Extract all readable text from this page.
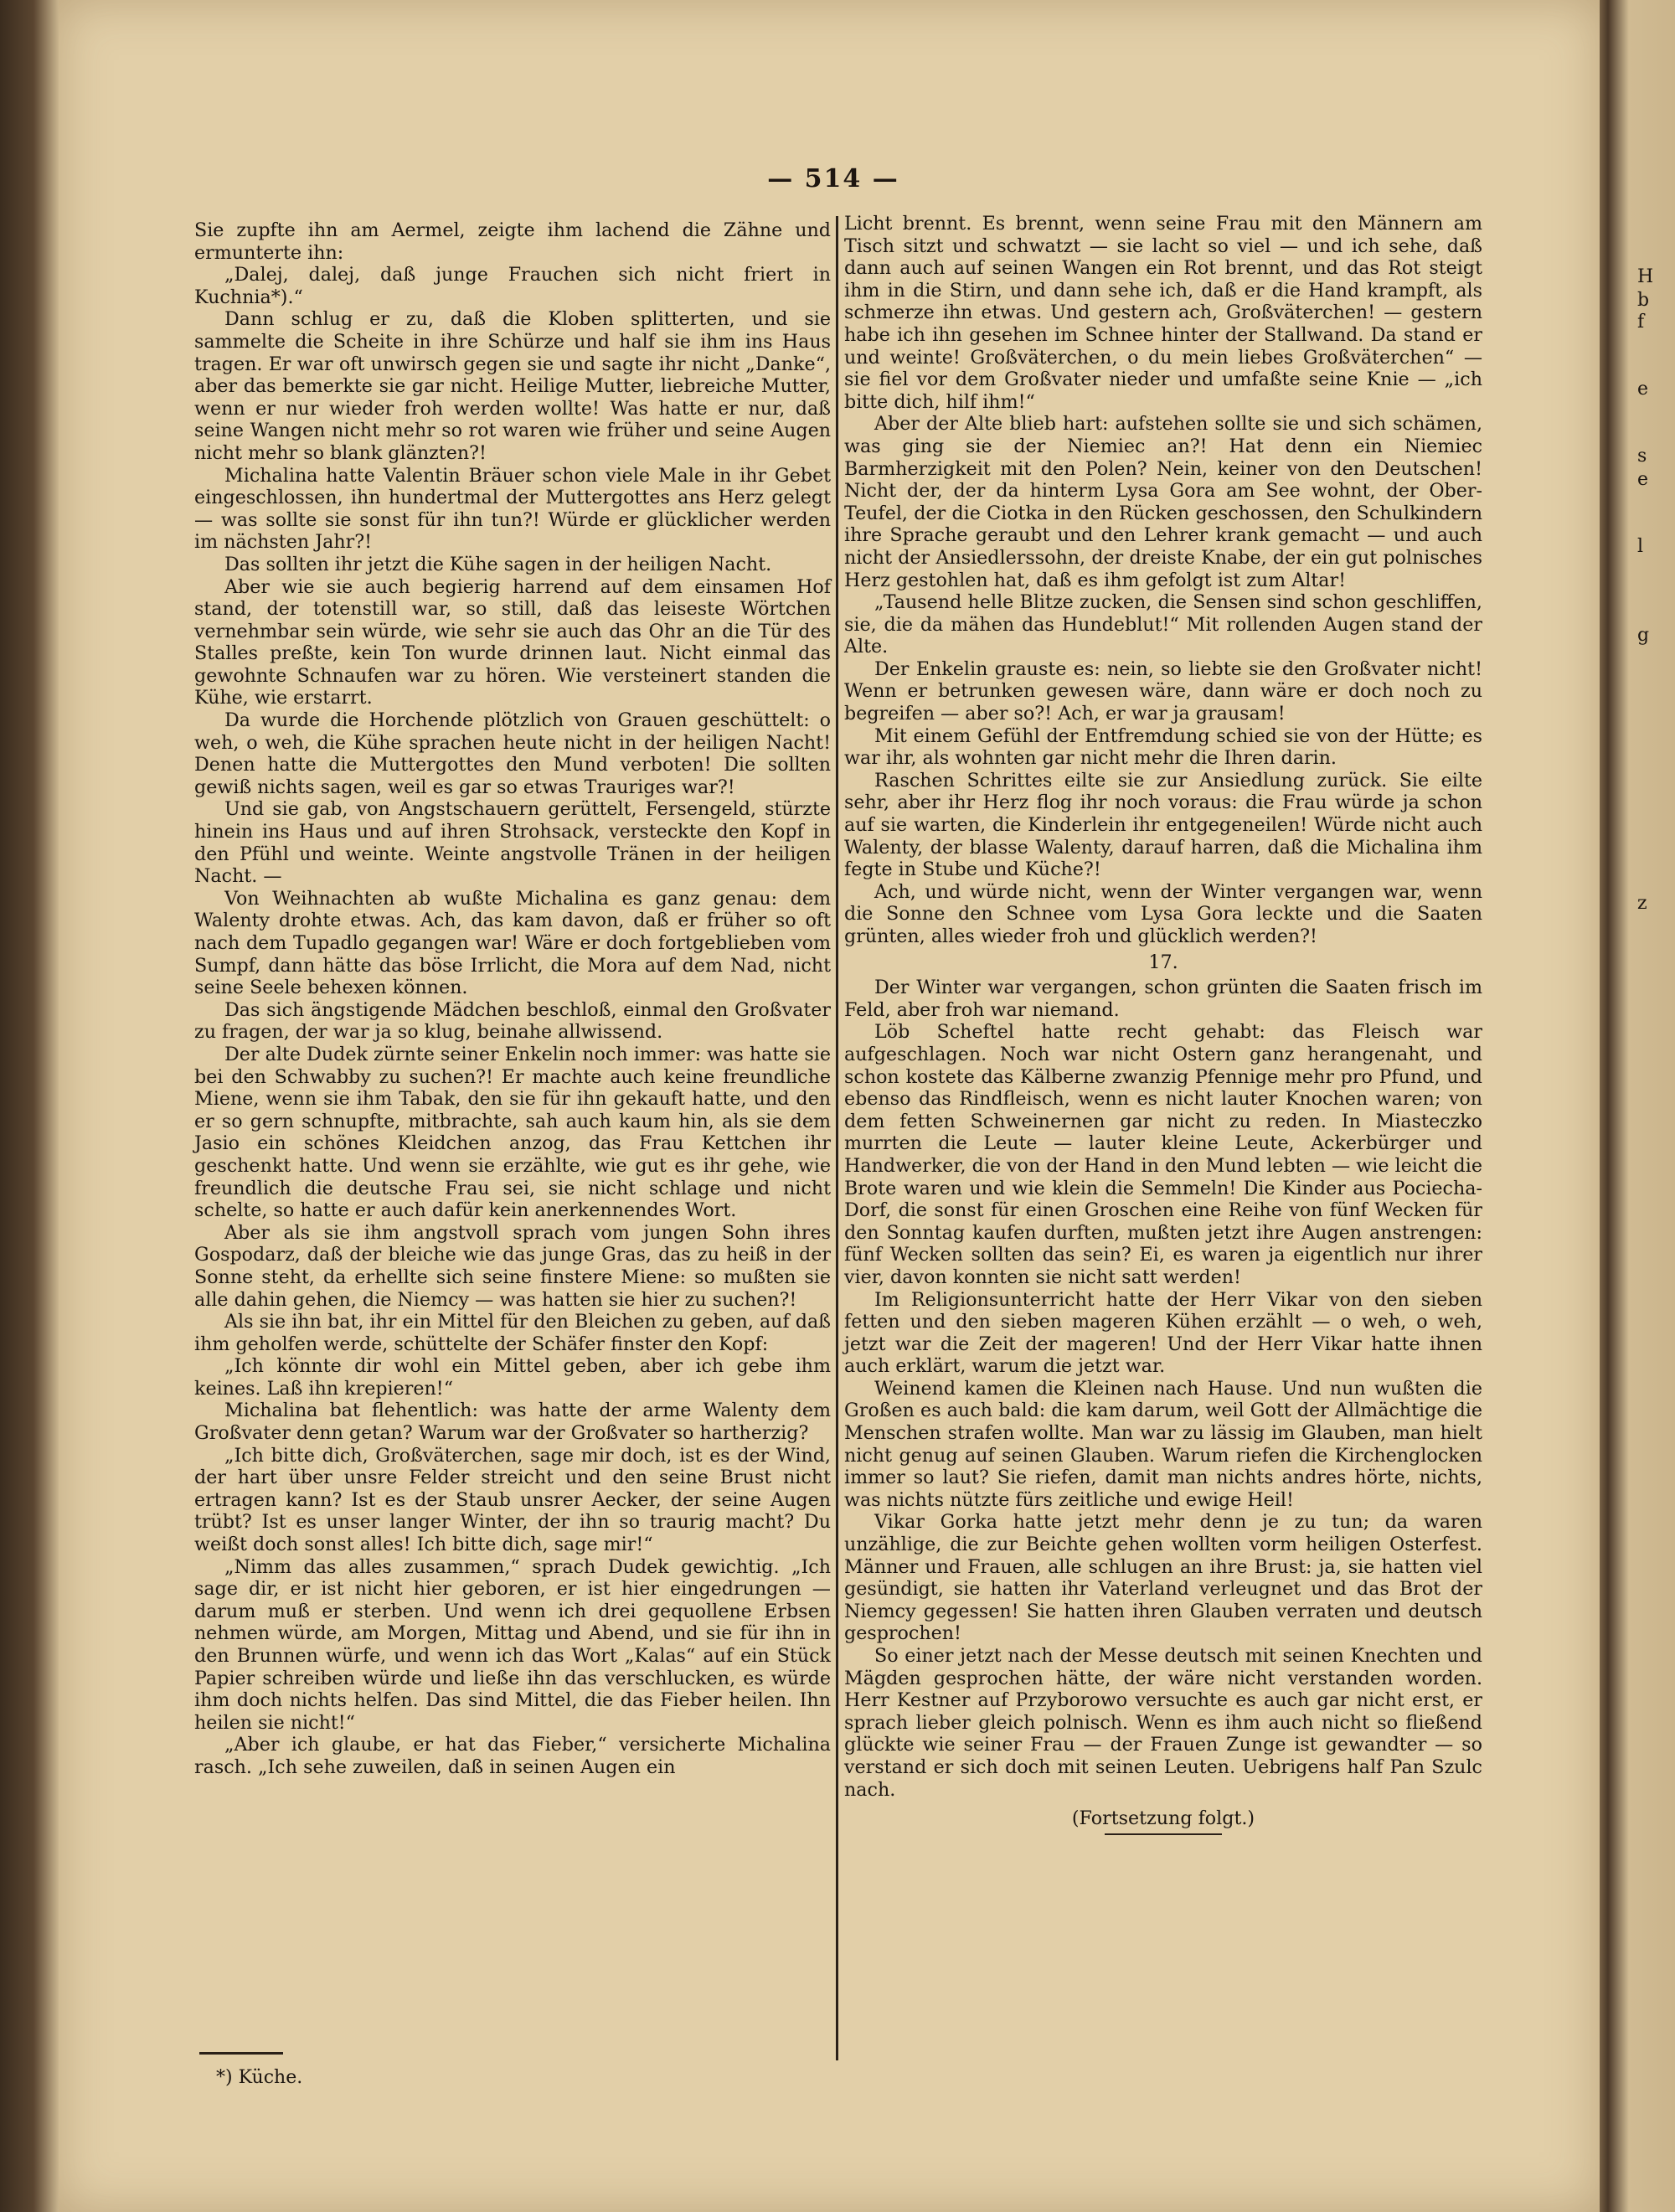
— 514 —

Sie zupfte ihn am Aermel, zeigte ihm lachend die Zähne und ermunterte ihn:

„Dalej, dalej, daß junge Frauchen sich nicht friert in Kuchnia*).“

Dann schlug er zu, daß die Kloben splitterten, und sie sammelte die Scheite in ihre Schürze und half sie ihm ins Haus tragen. Er war oft unwirsch gegen sie und sagte ihr nicht „Danke“, aber das bemerkte sie gar nicht. Heilige Mutter, liebreiche Mutter, wenn er nur wieder froh werden wollte! Was hatte er nur, daß seine Wangen nicht mehr so rot waren wie früher und seine Augen nicht mehr so blank glänzten?!

Michalina hatte Valentin Bräuer schon viele Male in ihr Gebet eingeschlossen, ihn hundertmal der Muttergottes ans Herz gelegt — was sollte sie sonst für ihn tun?! Würde er glücklicher werden im nächsten Jahr?!

Das sollten ihr jetzt die Kühe sagen in der heiligen Nacht.

Aber wie sie auch begierig harrend auf dem einsamen Hof stand, der totenstill war, so still, daß das leiseste Wörtchen vernehmbar sein würde, wie sehr sie auch das Ohr an die Tür des Stalles preßte, kein Ton wurde drinnen laut. Nicht einmal das gewohnte Schnaufen war zu hören. Wie versteinert standen die Kühe, wie erstarrt.

Da wurde die Horchende plötzlich von Grauen geschüttelt: o weh, o weh, die Kühe sprachen heute nicht in der heiligen Nacht! Denen hatte die Muttergottes den Mund verboten! Die sollten gewiß nichts sagen, weil es gar so etwas Trauriges war?!

Und sie gab, von Angstschauern gerüttelt, Fersengeld, stürzte hinein ins Haus und auf ihren Strohsack, versteckte den Kopf in den Pfühl und weinte. Weinte angstvolle Tränen in der heiligen Nacht. —

Von Weihnachten ab wußte Michalina es ganz genau: dem Walenty drohte etwas. Ach, das kam davon, daß er früher so oft nach dem Tupadlo gegangen war! Wäre er doch fortgeblieben vom Sumpf, dann hätte das böse Irrlicht, die Mora auf dem Nad, nicht seine Seele behexen können.

Das sich ängstigende Mädchen beschloß, einmal den Großvater zu fragen, der war ja so klug, beinahe allwissend.

Der alte Dudek zürnte seiner Enkelin noch immer: was hatte sie bei den Schwabby zu suchen?! Er machte auch keine freundliche Miene, wenn sie ihm Tabak, den sie für ihn gekauft hatte, und den er so gern schnupfte, mitbrachte, sah auch kaum hin, als sie dem Jasio ein schönes Kleidchen anzog, das Frau Kettchen ihr geschenkt hatte. Und wenn sie erzählte, wie gut es ihr gehe, wie freundlich die deutsche Frau sei, sie nicht schlage und nicht schelte, so hatte er auch dafür kein anerkennendes Wort.

Aber als sie ihm angstvoll sprach vom jungen Sohn ihres Gospodarz, daß der bleiche wie das junge Gras, das zu heiß in der Sonne steht, da erhellte sich seine finstere Miene: so mußten sie alle dahin gehen, die Niemcy — was hatten sie hier zu suchen?!

Als sie ihn bat, ihr ein Mittel für den Bleichen zu geben, auf daß ihm geholfen werde, schüttelte der Schäfer finster den Kopf:

„Ich könnte dir wohl ein Mittel geben, aber ich gebe ihm keines. Laß ihn krepieren!“

Michalina bat flehentlich: was hatte der arme Walenty dem Großvater denn getan? Warum war der Großvater so hartherzig?

„Ich bitte dich, Großväterchen, sage mir doch, ist es der Wind, der hart über unsre Felder streicht und den seine Brust nicht ertragen kann? Ist es der Staub unsrer Aecker, der seine Augen trübt? Ist es unser langer Winter, der ihn so traurig macht? Du weißt doch sonst alles! Ich bitte dich, sage mir!“

„Nimm das alles zusammen,“ sprach Dudek gewichtig. „Ich sage dir, er ist nicht hier geboren, er ist hier eingedrungen — darum muß er sterben. Und wenn ich drei gequollene Erbsen nehmen würde, am Morgen, Mittag und Abend, und sie für ihn in den Brunnen würfe, und wenn ich das Wort „Kalas“ auf ein Stück Papier schreiben würde und ließe ihn das verschlucken, es würde ihm doch nichts helfen. Das sind Mittel, die das Fieber heilen. Ihn heilen sie nicht!“

„Aber ich glaube, er hat das Fieber,“ versicherte Michalina rasch. „Ich sehe zuweilen, daß in seinen Augen ein

Licht brennt. Es brennt, wenn seine Frau mit den Männern am Tisch sitzt und schwatzt — sie lacht so viel — und ich sehe, daß dann auch auf seinen Wangen ein Rot brennt, und das Rot steigt ihm in die Stirn, und dann sehe ich, daß er die Hand krampft, als schmerze ihn etwas. Und gestern ach, Großväterchen! — gestern habe ich ihn gesehen im Schnee hinter der Stallwand. Da stand er und weinte! Großväterchen, o du mein liebes Großväterchen“ — sie fiel vor dem Großvater nieder und umfaßte seine Knie — „ich bitte dich, hilf ihm!“

Aber der Alte blieb hart: aufstehen sollte sie und sich schämen, was ging sie der Niemiec an?! Hat denn ein Niemiec Barmherzigkeit mit den Polen? Nein, keiner von den Deutschen! Nicht der, der da hinterm Lysa Gora am See wohnt, der Ober-Teufel, der die Ciotka in den Rücken geschossen, den Schulkindern ihre Sprache geraubt und den Lehrer krank gemacht — und auch nicht der Ansiedlerssohn, der dreiste Knabe, der ein gut polnisches Herz gestohlen hat, daß es ihm gefolgt ist zum Altar!

„Tausend helle Blitze zucken, die Sensen sind schon geschliffen, sie, die da mähen das Hundeblut!“ Mit rollenden Augen stand der Alte.

Der Enkelin grauste es: nein, so liebte sie den Großvater nicht! Wenn er betrunken gewesen wäre, dann wäre er doch noch zu begreifen — aber so?! Ach, er war ja grausam!

Mit einem Gefühl der Entfremdung schied sie von der Hütte; es war ihr, als wohnten gar nicht mehr die Ihren darin.

Raschen Schrittes eilte sie zur Ansiedlung zurück. Sie eilte sehr, aber ihr Herz flog ihr noch voraus: die Frau würde ja schon auf sie warten, die Kinderlein ihr entgegeneilen! Würde nicht auch Walenty, der blasse Walenty, darauf harren, daß die Michalina ihm fegte in Stube und Küche?!

Ach, und würde nicht, wenn der Winter vergangen war, wenn die Sonne den Schnee vom Lysa Gora leckte und die Saaten grünten, alles wieder froh und glücklich werden?!

17.

Der Winter war vergangen, schon grünten die Saaten frisch im Feld, aber froh war niemand.

Löb Scheftel hatte recht gehabt: das Fleisch war aufgeschlagen. Noch war nicht Ostern ganz herangenaht, und schon kostete das Kälberne zwanzig Pfennige mehr pro Pfund, und ebenso das Rindfleisch, wenn es nicht lauter Knochen waren; von dem fetten Schweinernen gar nicht zu reden. In Miasteczko murrten die Leute — lauter kleine Leute, Ackerbürger und Handwerker, die von der Hand in den Mund lebten — wie leicht die Brote waren und wie klein die Semmeln! Die Kinder aus Pociecha-Dorf, die sonst für einen Groschen eine Reihe von fünf Wecken für den Sonntag kaufen durften, mußten jetzt ihre Augen anstrengen: fünf Wecken sollten das sein? Ei, es waren ja eigentlich nur ihrer vier, davon konnten sie nicht satt werden!

Im Religionsunterricht hatte der Herr Vikar von den sieben fetten und den sieben mageren Kühen erzählt — o weh, o weh, jetzt war die Zeit der mageren! Und der Herr Vikar hatte ihnen auch erklärt, warum die jetzt war.

Weinend kamen die Kleinen nach Hause. Und nun wußten die Großen es auch bald: die kam darum, weil Gott der Allmächtige die Menschen strafen wollte. Man war zu lässig im Glauben, man hielt nicht genug auf seinen Glauben. Warum riefen die Kirchenglocken immer so laut? Sie riefen, damit man nichts andres hörte, nichts, was nichts nützte fürs zeitliche und ewige Heil!

Vikar Gorka hatte jetzt mehr denn je zu tun; da waren unzählige, die zur Beichte gehen wollten vorm heiligen Osterfest. Männer und Frauen, alle schlugen an ihre Brust: ja, sie hatten viel gesündigt, sie hatten ihr Vaterland verleugnet und das Brot der Niemcy gegessen! Sie hatten ihren Glauben verraten und deutsch gesprochen!

So einer jetzt nach der Messe deutsch mit seinen Knechten und Mägden gesprochen hätte, der wäre nicht verstanden worden. Herr Kestner auf Przyborowo versuchte es auch gar nicht erst, er sprach lieber gleich polnisch. Wenn es ihm auch nicht so fließend glückte wie seiner Frau — der Frauen Zunge ist gewandter — so verstand er sich doch mit seinen Leuten. Uebrigens half Pan Szulc nach.

(Fortsetzung folgt.)

*) Küche.
H
b
f
e
s
e
l
g
z
